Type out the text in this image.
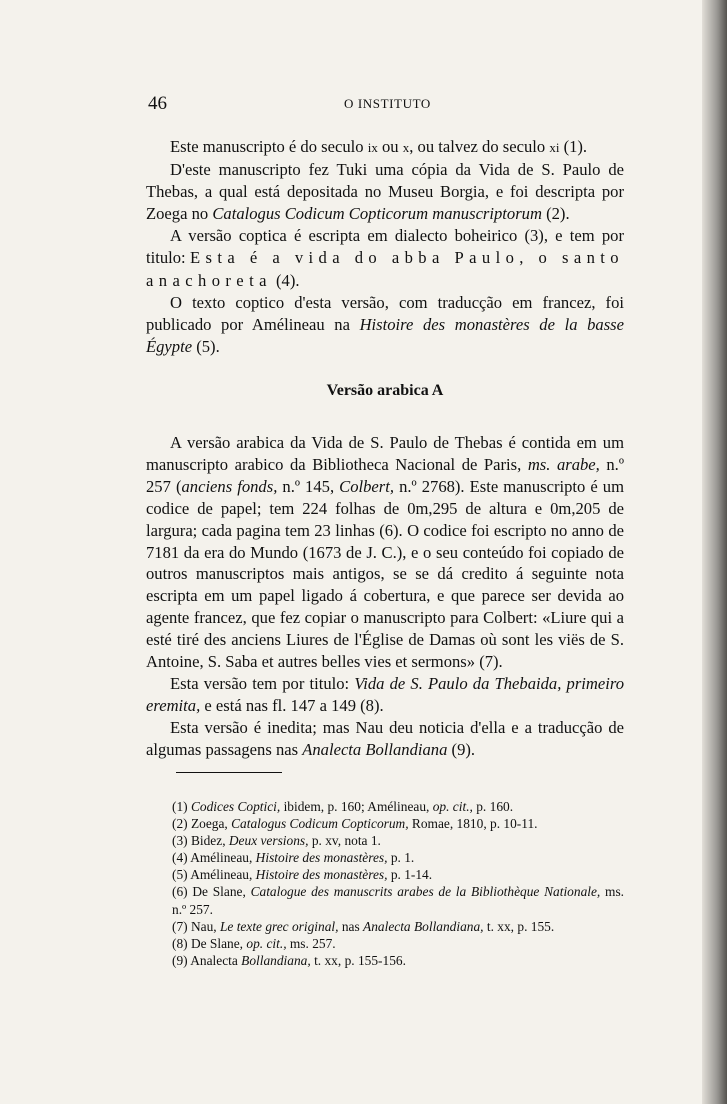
46	O INSTITUTO

Este manuscripto é do seculo ix ou x, ou talvez do seculo xi (1).

D'este manuscripto fez Tuki uma cópia da Vida de S. Paulo de Thebas, a qual está depositada no Museu Borgia, e foi descripta por Zoega no Catalogus Codicum Copticorum manuscriptorum (2).

A versão coptica é escripta em dialecto boheirico (3), e tem por titulo: Esta é a vida do abba Paulo, o santo anachoreta (4).

O texto coptico d'esta versão, com traducção em francez, foi publicado por Amélineau na Histoire des monastères de la basse Égypte (5).

Versão arabica A

A versão arabica da Vida de S. Paulo de Thebas é contida em um manuscripto arabico da Bibliotheca Nacional de Paris, ms. arabe, n.º 257 (anciens fonds, n.º 145, Colbert, n.º 2768). Este manuscripto é um codice de papel; tem 224 folhas de 0m,295 de altura e 0m,205 de largura; cada pagina tem 23 linhas (6). O codice foi escripto no anno de 7181 da era do Mundo (1673 de J. C.), e o seu conteúdo foi copiado de outros manuscriptos mais antigos, se se dá credito á seguinte nota escripta em um papel ligado á cobertura, e que parece ser devida ao agente francez, que fez copiar o manuscripto para Colbert: «Liure qui a esté tiré des anciens Liures de l'Église de Damas où sont les viës de S. Antoine, S. Saba et autres belles vies et sermons» (7).

Esta versão tem por titulo: Vida de S. Paulo da Thebaida, primeiro eremita, e está nas fl. 147 a 149 (8).

Esta versão é inedita; mas Nau deu noticia d'ella e a traducção de algumas passagens nas Analecta Bollandiana (9).

(1) Codices Coptici, ibidem, p. 160; Amélineau, op. cit., p. 160.

(2) Zoega, Catalogus Codicum Copticorum, Romae, 1810, p. 10-11.

(3) Bidez, Deux versions, p. xv, nota 1.

(4) Amélineau, Histoire des monastères, p. 1.

(5) Amélineau, Histoire des monastères, p. 1-14.

(6) De Slane, Catalogue des manuscrits arabes de la Bibliothèque Nationale, ms. n.º 257.

(7) Nau, Le texte grec original, nas Analecta Bollandiana, t. xx, p. 155.

(8) De Slane, op. cit., ms. 257.

(9) Analecta Bollandiana, t. xx, p. 155-156.
